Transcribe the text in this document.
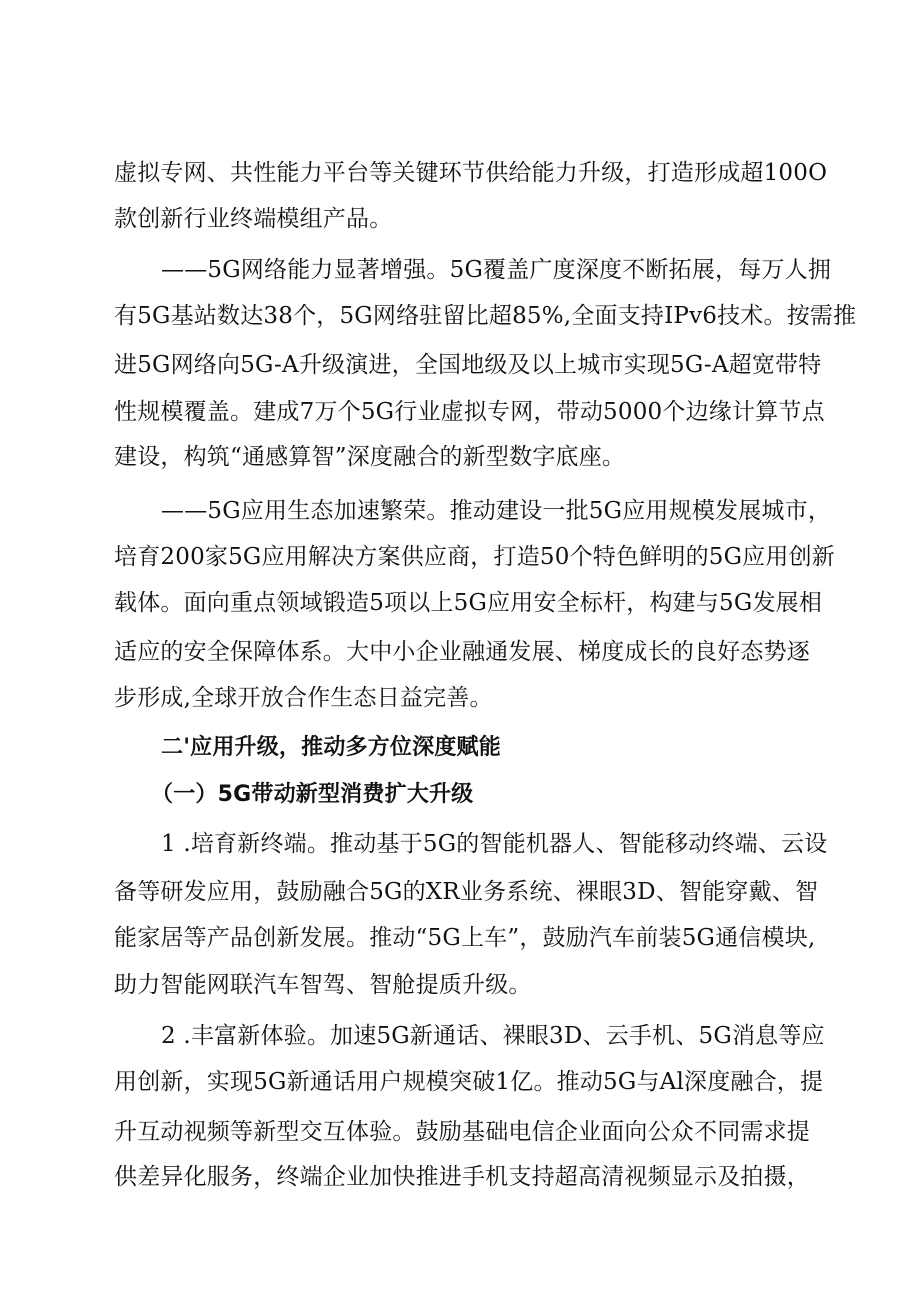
虚拟专网、共性能力平台等关键环节供给能力升级，打造形成超100O
款创新行业终端模组产品。
——5G网络能力显著增强。5G覆盖广度深度不断拓展，每万人拥
有5G基站数达38个，5G网络驻留比超85%,全面支持IPv6技术。按需推
进5G网络向5G-A升级演进，全国地级及以上城市实现5G-A超宽带特
性规模覆盖。建成7万个5G行业虚拟专网，带动5000个边缘计算节点
建设，构筑“通感算智”深度融合的新型数字底座。
——5G应用生态加速繁荣。推动建设一批5G应用规模发展城市，
培育200家5G应用解决方案供应商，打造50个特色鲜明的5G应用创新
载体。面向重点领域锻造5项以上5G应用安全标杆，构建与5G发展相
适应的安全保障体系。大中小企业融通发展、梯度成长的良好态势逐
步形成,全球开放合作生态日益完善。
二'应用升级，推动多方位深度赋能
（一）5G带动新型消费扩大升级
1 .培育新终端。推动基于5G的智能机器人、智能移动终端、云设
备等研发应用，鼓励融合5G的XR业务系统、裸眼3D、智能穿戴、智
能家居等产品创新发展。推动“5G上车”，鼓励汽车前装5G通信模块,
助力智能网联汽车智驾、智舱提质升级。
2 .丰富新体验。加速5G新通话、裸眼3D、云手机、5G消息等应
用创新，实现5G新通话用户规模突破1亿。推动5G与Al深度融合，提
升互动视频等新型交互体验。鼓励基础电信企业面向公众不同需求提
供差异化服务，终端企业加快推进手机支持超高清视频显示及拍摄，
